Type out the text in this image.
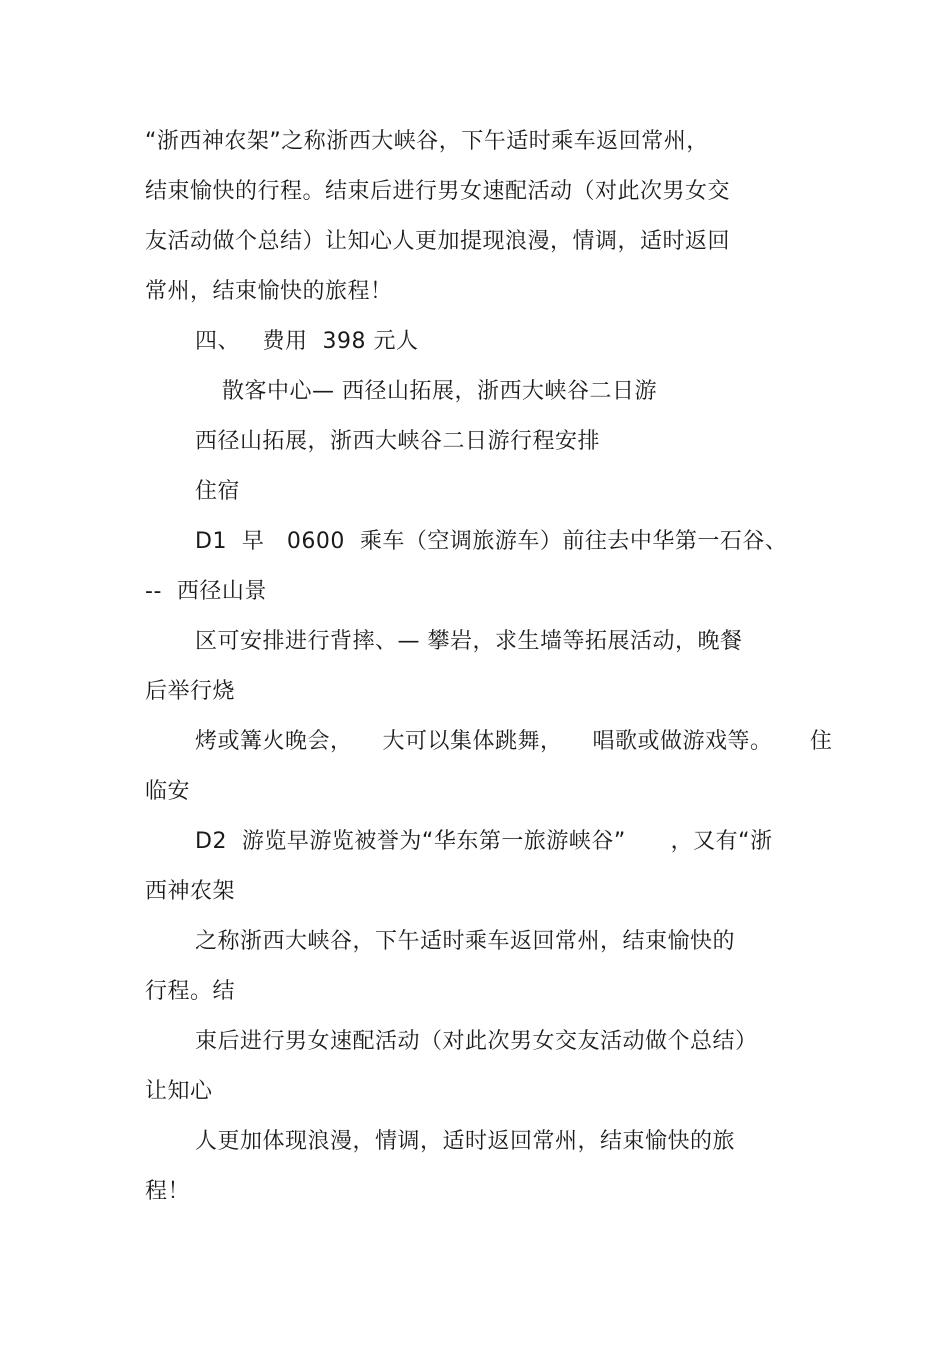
“浙西神农架”之称浙西大峡谷，下午适时乘车返回常州，
结束愉快的行程。结束后进行男女速配活动（对此次男女交
友活动做个总结）让知心人更加提现浪漫，情调，适时返回
常州，结束愉快的旅程！
四、   费用  398 元人
散客中心— 西径山拓展，浙西大峡谷二日游
西径山拓展，浙西大峡谷二日游行程安排
住宿
D1  早   0600  乘车（空调旅游车）前往去中华第一石谷、
--  西径山景
区可安排进行背摔、— 攀岩，求生墙等拓展活动，晚餐
后举行烧
烤或篝火晚会，    大可以集体跳舞，    唱歌或做游戏等。     住
临安
D2  游览早游览被誉为“华东第一旅游峡谷”      ，又有“浙
西神农架
之称浙西大峡谷，下午适时乘车返回常州，结束愉快的
行程。结
束后进行男女速配活动（对此次男女交友活动做个总结）
让知心
人更加体现浪漫，情调，适时返回常州，结束愉快的旅
程！
